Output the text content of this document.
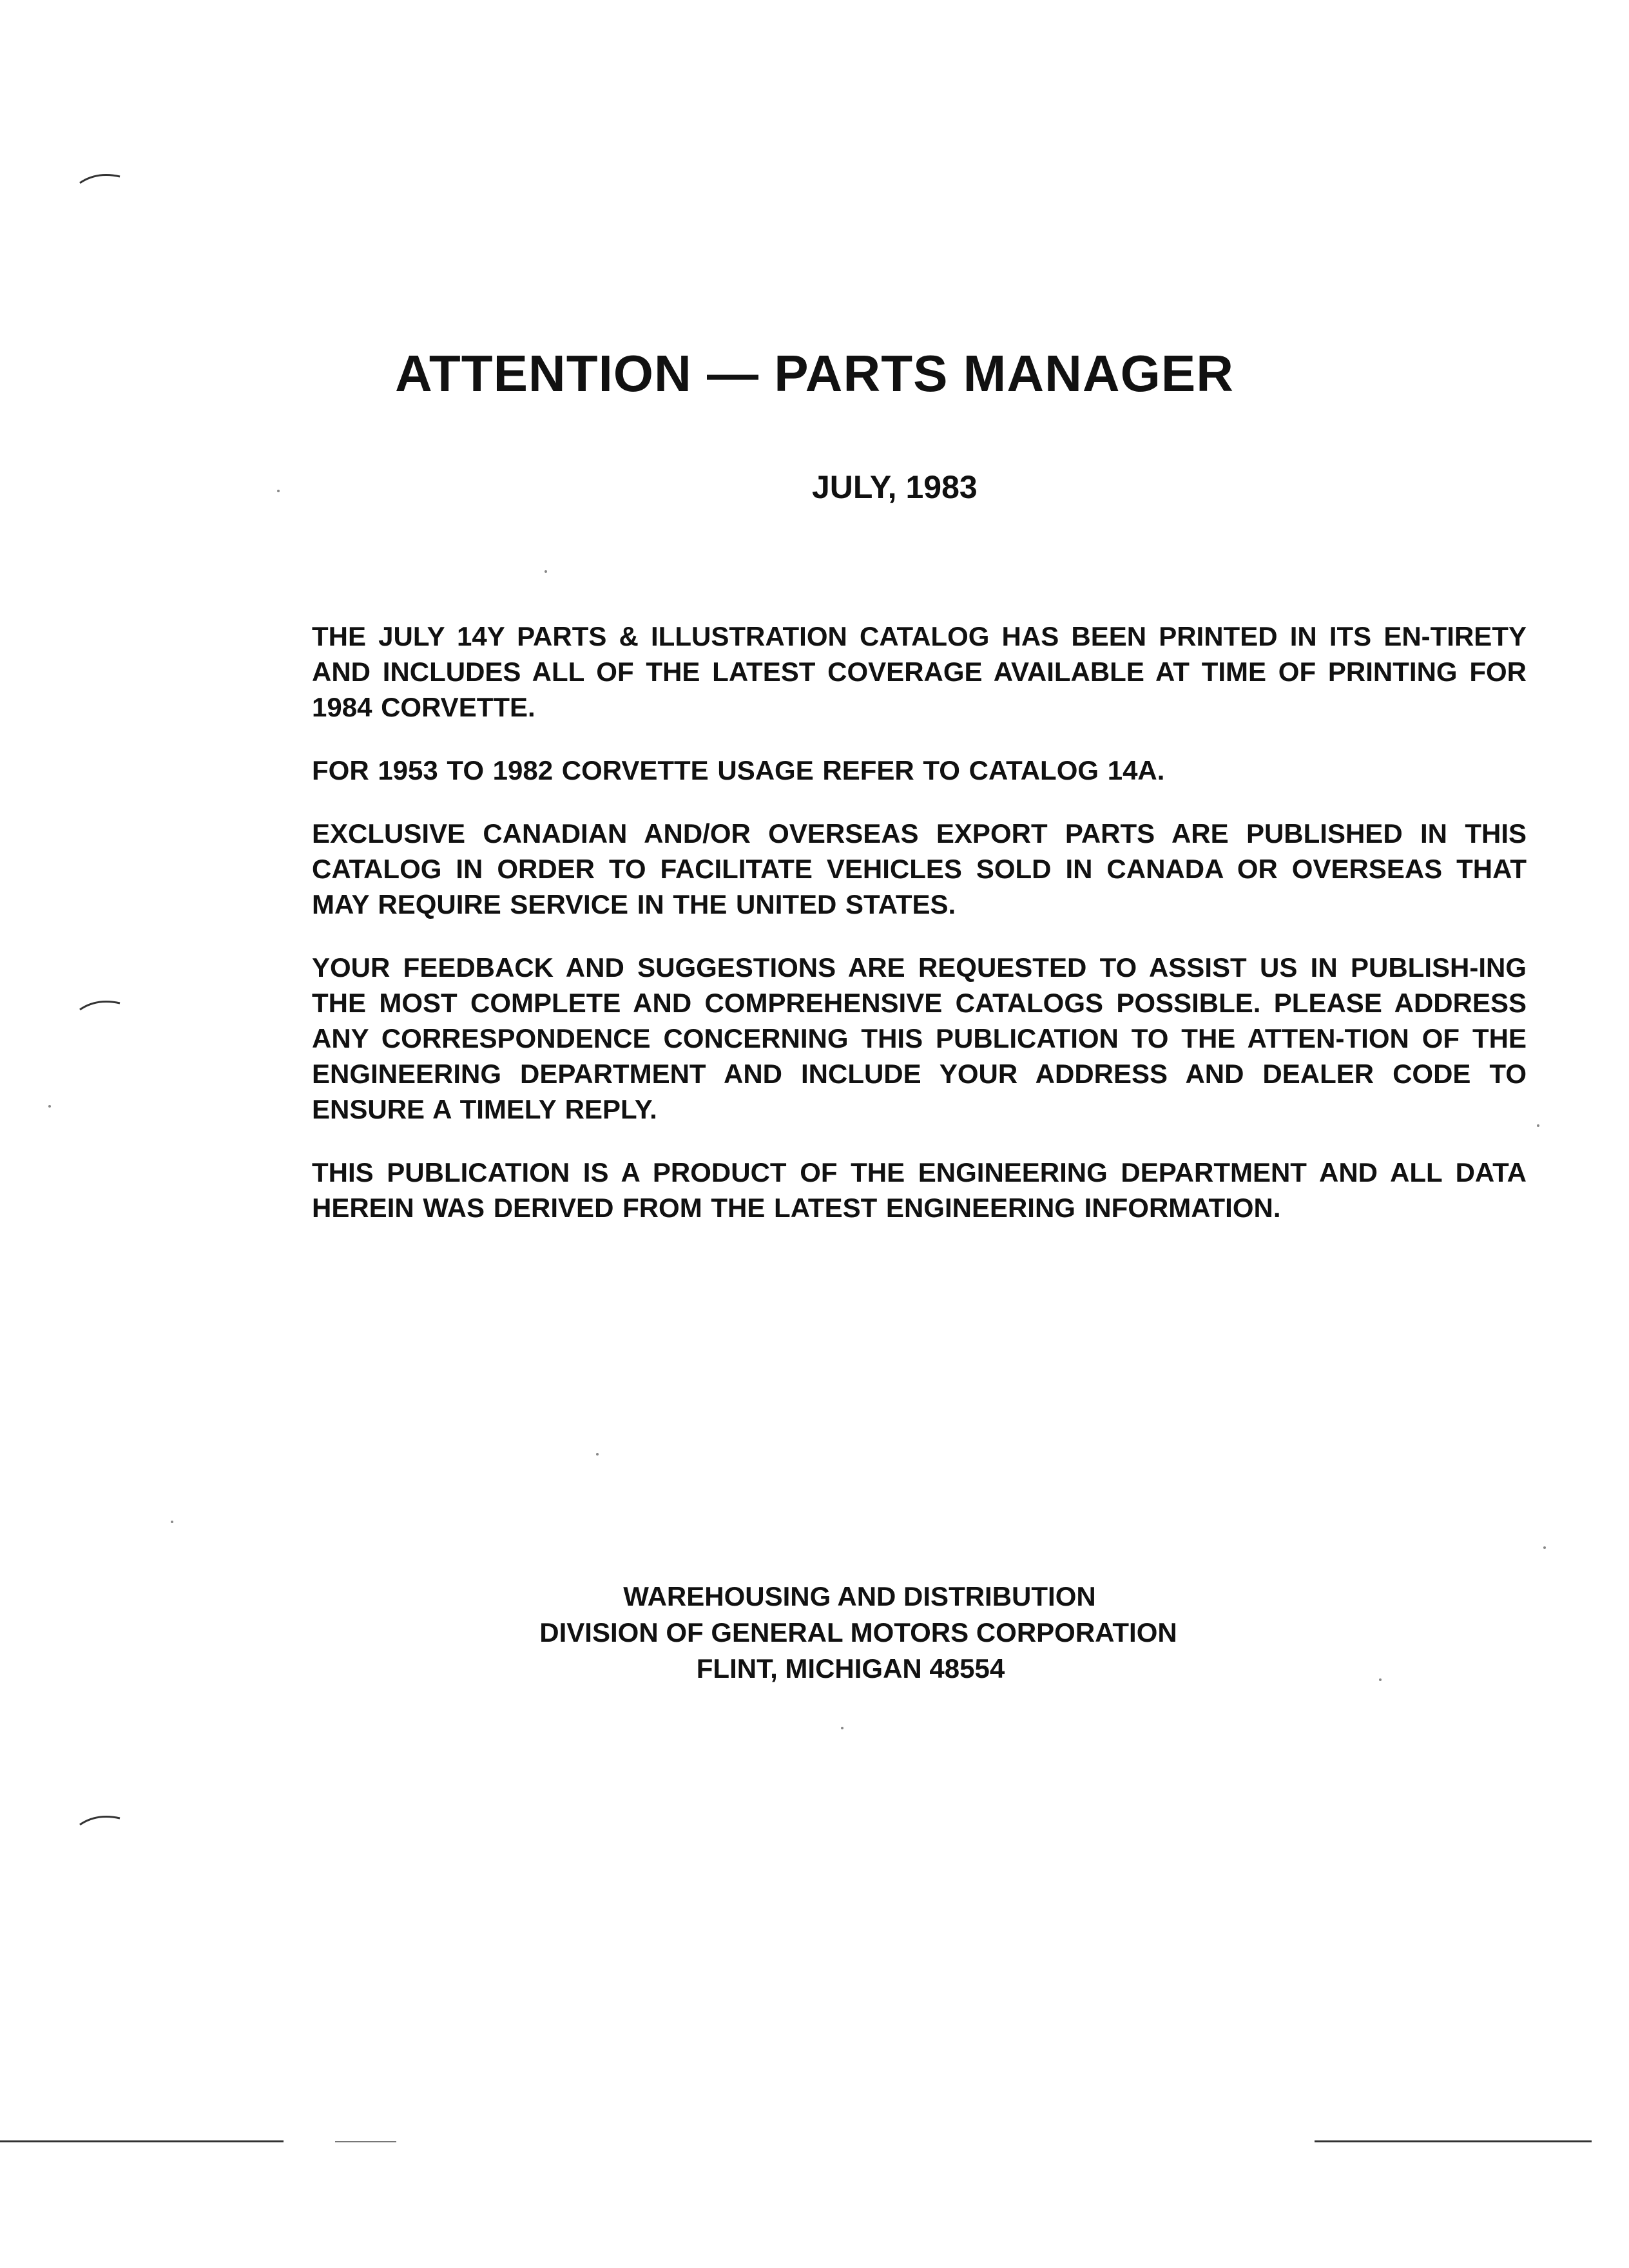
ATTENTION — PARTS MANAGER
JULY, 1983

THE JULY 14Y PARTS & ILLUSTRATION CATALOG HAS BEEN PRINTED IN ITS EN-TIRETY AND INCLUDES ALL OF THE LATEST COVERAGE AVAILABLE AT TIME OF PRINTING FOR 1984 CORVETTE.

FOR 1953 TO 1982 CORVETTE USAGE REFER TO CATALOG 14A.

EXCLUSIVE CANADIAN AND/OR OVERSEAS EXPORT PARTS ARE PUBLISHED IN THIS CATALOG IN ORDER TO FACILITATE VEHICLES SOLD IN CANADA OR OVERSEAS THAT MAY REQUIRE SERVICE IN THE UNITED STATES.

YOUR FEEDBACK AND SUGGESTIONS ARE REQUESTED TO ASSIST US IN PUBLISH-ING THE MOST COMPLETE AND COMPREHENSIVE CATALOGS POSSIBLE. PLEASE ADDRESS ANY CORRESPONDENCE CONCERNING THIS PUBLICATION TO THE ATTEN-TION OF THE ENGINEERING DEPARTMENT AND INCLUDE YOUR ADDRESS AND DEALER CODE TO ENSURE A TIMELY REPLY.

THIS PUBLICATION IS A PRODUCT OF THE ENGINEERING DEPARTMENT AND ALL DATA HEREIN WAS DERIVED FROM THE LATEST ENGINEERING INFORMATION.

WAREHOUSING AND DISTRIBUTION
DIVISION OF GENERAL MOTORS CORPORATION
FLINT, MICHIGAN 48554
